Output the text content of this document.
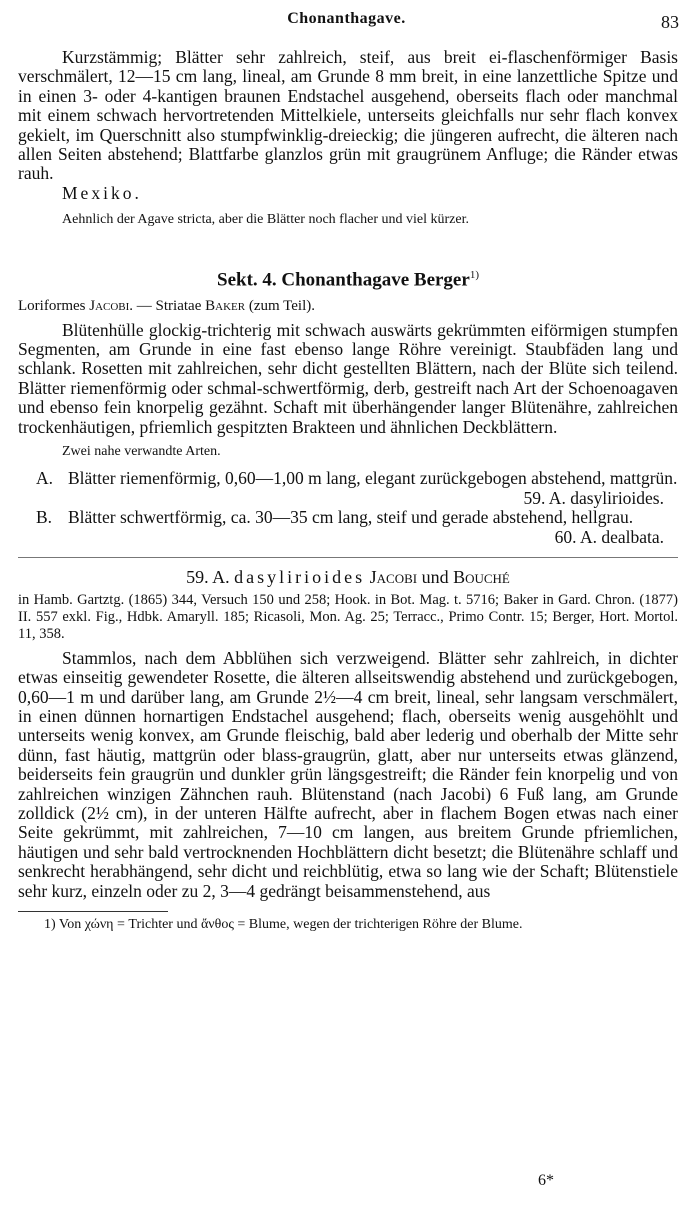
Chonanthagave.	83

Kurzstämmig; Blätter sehr zahlreich, steif, aus breit ei-flaschenförmiger Basis verschmälert, 12—15 cm lang, lineal, am Grunde 8 mm breit, in eine lanzettliche Spitze und in einen 3- oder 4-kantigen braunen Endstachel ausgehend, oberseits flach oder manchmal mit einem schwach hervortretenden Mittelkiele, unterseits gleichfalls nur sehr flach konvex gekielt, im Querschnitt also stumpfwinklig-dreieckig; die jüngeren aufrecht, die älteren nach allen Seiten abstehend; Blattfarbe glanzlos grün mit graugrünem Anfluge; die Ränder etwas rauh.

Mexiko.

Aehnlich der Agave stricta, aber die Blätter noch flacher und viel kürzer.

Sekt. 4. Chonanthagave Berger$^{1)}$

Loriformes Jacobi. — Striatae Baker (zum Teil).

Blütenhülle glockig-trichterig mit schwach auswärts gekrümmten eiförmigen stumpfen Segmenten, am Grunde in eine fast ebenso lange Röhre vereinigt. Staubfäden lang und schlank. Rosetten mit zahlreichen, sehr dicht gestellten Blättern, nach der Blüte sich teilend. Blätter riemenförmig oder schmal-schwertförmig, derb, gestreift nach Art der Schoenoagaven und ebenso fein knorpelig gezähnt. Schaft mit überhängender langer Blütenähre, zahlreichen trockenhäutigen, pfriemlich gespitzten Brakteen und ähnlichen Deckblättern.

Zwei nahe verwandte Arten.

A. Blätter riemenförmig, 0,60—1,00 m lang, elegant zurückgebogen abstehend, mattgrün.

59. A. dasylirioides.
B. Blätter schwertförmig, ca. 30—35 cm lang, steif und gerade abstehend, hellgrau.

60. A. dealbata.
59. A. dasylirioides Jacobi und Bouché

in Hamb. Gartztg. (1865) 344, Versuch 150 und 258; Hook. in Bot. Mag. t. 5716; Baker in Gard. Chron. (1877) II. 557 exkl. Fig., Hdbk. Amaryll. 185; Ricasoli, Mon. Ag. 25; Terracc., Primo Contr. 15; Berger, Hort. Mortol. 11, 358.

Stammlos, nach dem Abblühen sich verzweigend. Blätter sehr zahlreich, in dichter etwas einseitig gewendeter Rosette, die älteren allseitswendig abstehend und zurückgebogen, 0,60—1 m und darüber lang, am Grunde 2½—4 cm breit, lineal, sehr langsam verschmälert, in einen dünnen hornartigen Endstachel ausgehend; flach, oberseits wenig ausgehöhlt und unterseits wenig konvex, am Grunde fleischig, bald aber lederig und oberhalb der Mitte sehr dünn, fast häutig, mattgrün oder blass-graugrün, glatt, aber nur unterseits etwas glänzend, beiderseits fein graugrün und dunkler grün längsgestreift; die Ränder fein knorpelig und von zahlreichen winzigen Zähnchen rauh. Blütenstand (nach Jacobi) 6 Fuß lang, am Grunde zolldick (2½ cm), in der unteren Hälfte aufrecht, aber in flachem Bogen etwas nach einer Seite gekrümmt, mit zahlreichen, 7—10 cm langen, aus breitem Grunde pfriemlichen, häutigen und sehr bald vertrocknenden Hochblättern dicht besetzt; die Blütenähre schlaff und senkrecht herabhängend, sehr dicht und reichblütig, etwa so lang wie der Schaft; Blütenstiele sehr kurz, einzeln oder zu 2, 3—4 gedrängt beisammenstehend, aus

1) Von χώνη = Trichter und ἄνθος = Blume, wegen der trichterigen Röhre der Blume.

6*
